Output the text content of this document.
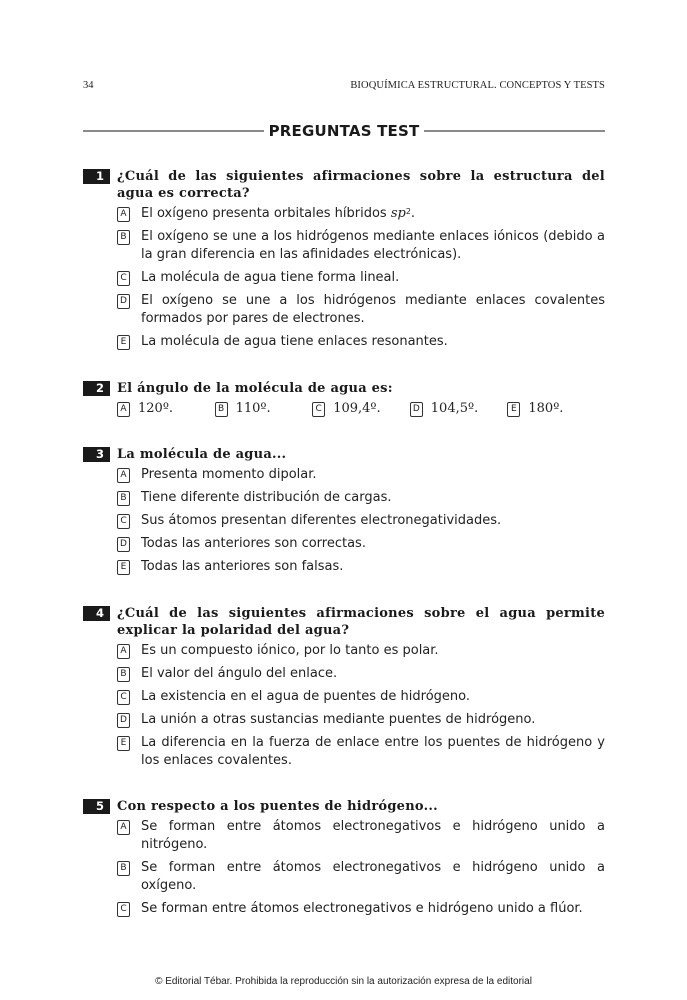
34	BIOQUÍMICA ESTRUCTURAL. CONCEPTOS Y TESTS
PREGUNTAS TEST
1	¿Cuál de las siguientes afirmaciones sobre la estructura del agua es correcta?
A El oxígeno presenta orbitales híbridos $sp^2$.
B El oxígeno se une a los hidrógenos mediante enlaces iónicos (debido a la gran diferencia en las afinidades electrónicas).
C La molécula de agua tiene forma lineal.
D El oxígeno se une a los hidrógenos mediante enlaces covalentes formados por pares de electrones.
E La molécula de agua tiene enlaces resonantes.
2	El ángulo de la molécula de agua es:
A 120º.	B 110º.	C 109,4º.	D 104,5º.	E 180º.
3	La molécula de agua...
A Presenta momento dipolar.
B Tiene diferente distribución de cargas.
C Sus átomos presentan diferentes electronegatividades.
D Todas las anteriores son correctas.
E Todas las anteriores son falsas.
4	¿Cuál de las siguientes afirmaciones sobre el agua permite explicar la polaridad del agua?
A Es un compuesto iónico, por lo tanto es polar.
B El valor del ángulo del enlace.
C La existencia en el agua de puentes de hidrógeno.
D La unión a otras sustancias mediante puentes de hidrógeno.
E La diferencia en la fuerza de enlace entre los puentes de hidrógeno y los enlaces covalentes.
5	Con respecto a los puentes de hidrógeno...
A Se forman entre átomos electronegativos e hidrógeno unido a nitrógeno.
B Se forman entre átomos electronegativos e hidrógeno unido a oxígeno.
C Se forman entre átomos electronegativos e hidrógeno unido a flúor.
© Editorial Tébar. Prohibida la reproducción sin la autorización expresa de la editorial
